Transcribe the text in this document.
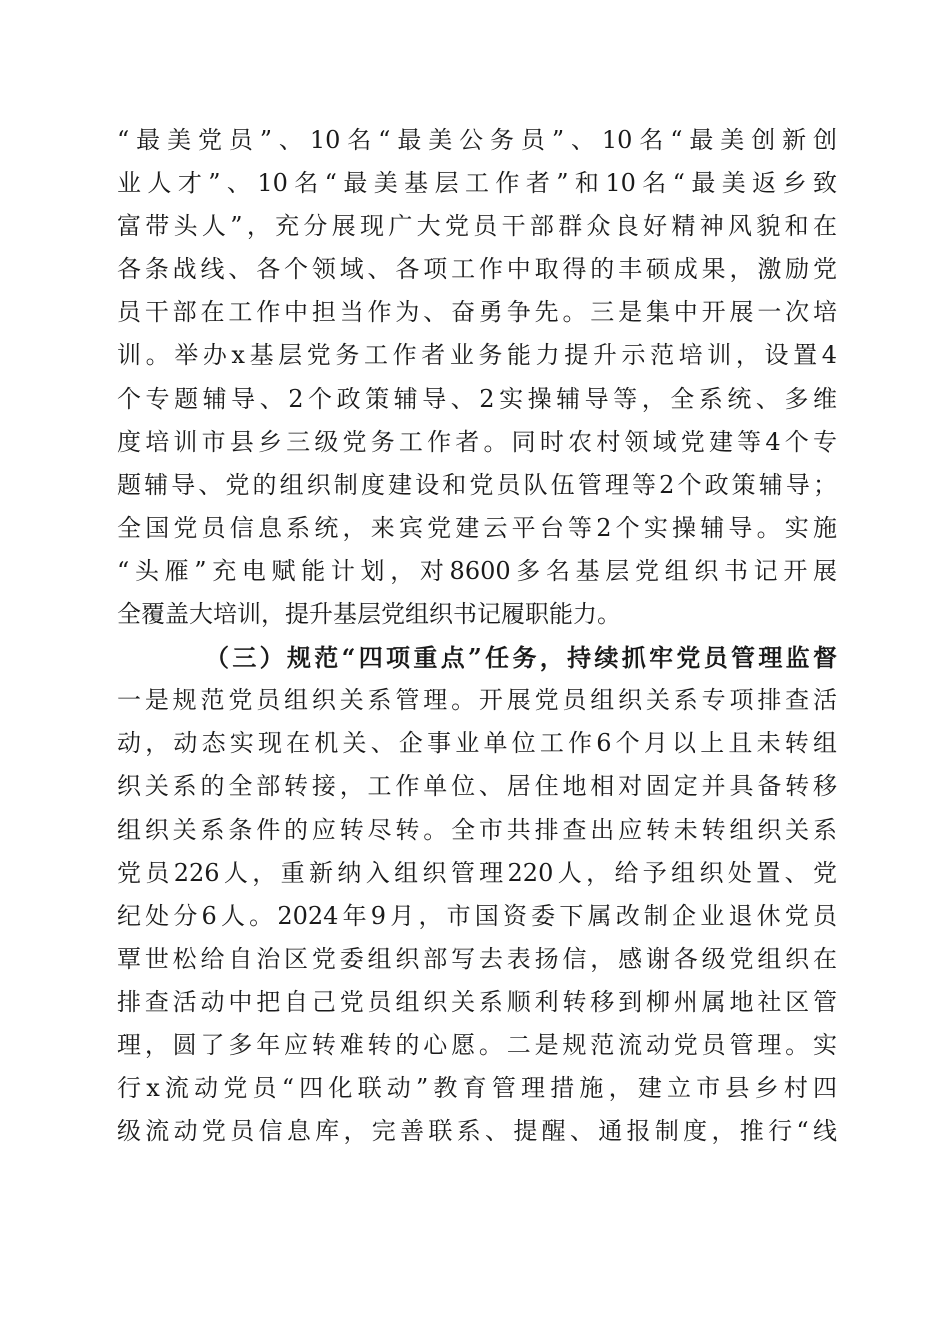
“最美党员”、10名“最美公务员”、10名“最美创新创
业人才”、10名“最美基层工作者”和10名“最美返乡致
富带头人”，充分展现广大党员干部群众良好精神风貌和在
各条战线、各个领域、各项工作中取得的丰硕成果，激励党
员干部在工作中担当作为、奋勇争先。三是集中开展一次培
训。举办x基层党务工作者业务能力提升示范培训，设置4
个专题辅导、2个政策辅导、2实操辅导等，全系统、多维
度培训市县乡三级党务工作者。同时农村领域党建等4个专
题辅导、党的组织制度建设和党员队伍管理等2个政策辅导；
全国党员信息系统，来宾党建云平台等2个实操辅导。实施
“头雁”充电赋能计划，对8600多名基层党组织书记开展
全覆盖大培训，提升基层党组织书记履职能力。
（三）规范“四项重点”任务，持续抓牢党员管理监督
一是规范党员组织关系管理。开展党员组织关系专项排查活
动，动态实现在机关、企事业单位工作6个月以上且未转组
织关系的全部转接，工作单位、居住地相对固定并具备转移
组织关系条件的应转尽转。全市共排查出应转未转组织关系
党员226人，重新纳入组织管理220人，给予组织处置、党
纪处分6人。2024年9月，市国资委下属改制企业退休党员
覃世松给自治区党委组织部写去表扬信，感谢各级党组织在
排查活动中把自己党员组织关系顺利转移到柳州属地社区管
理，圆了多年应转难转的心愿。二是规范流动党员管理。实
行x流动党员“四化联动”教育管理措施，建立市县乡村四
级流动党员信息库，完善联系、提醒、通报制度，推行“线
